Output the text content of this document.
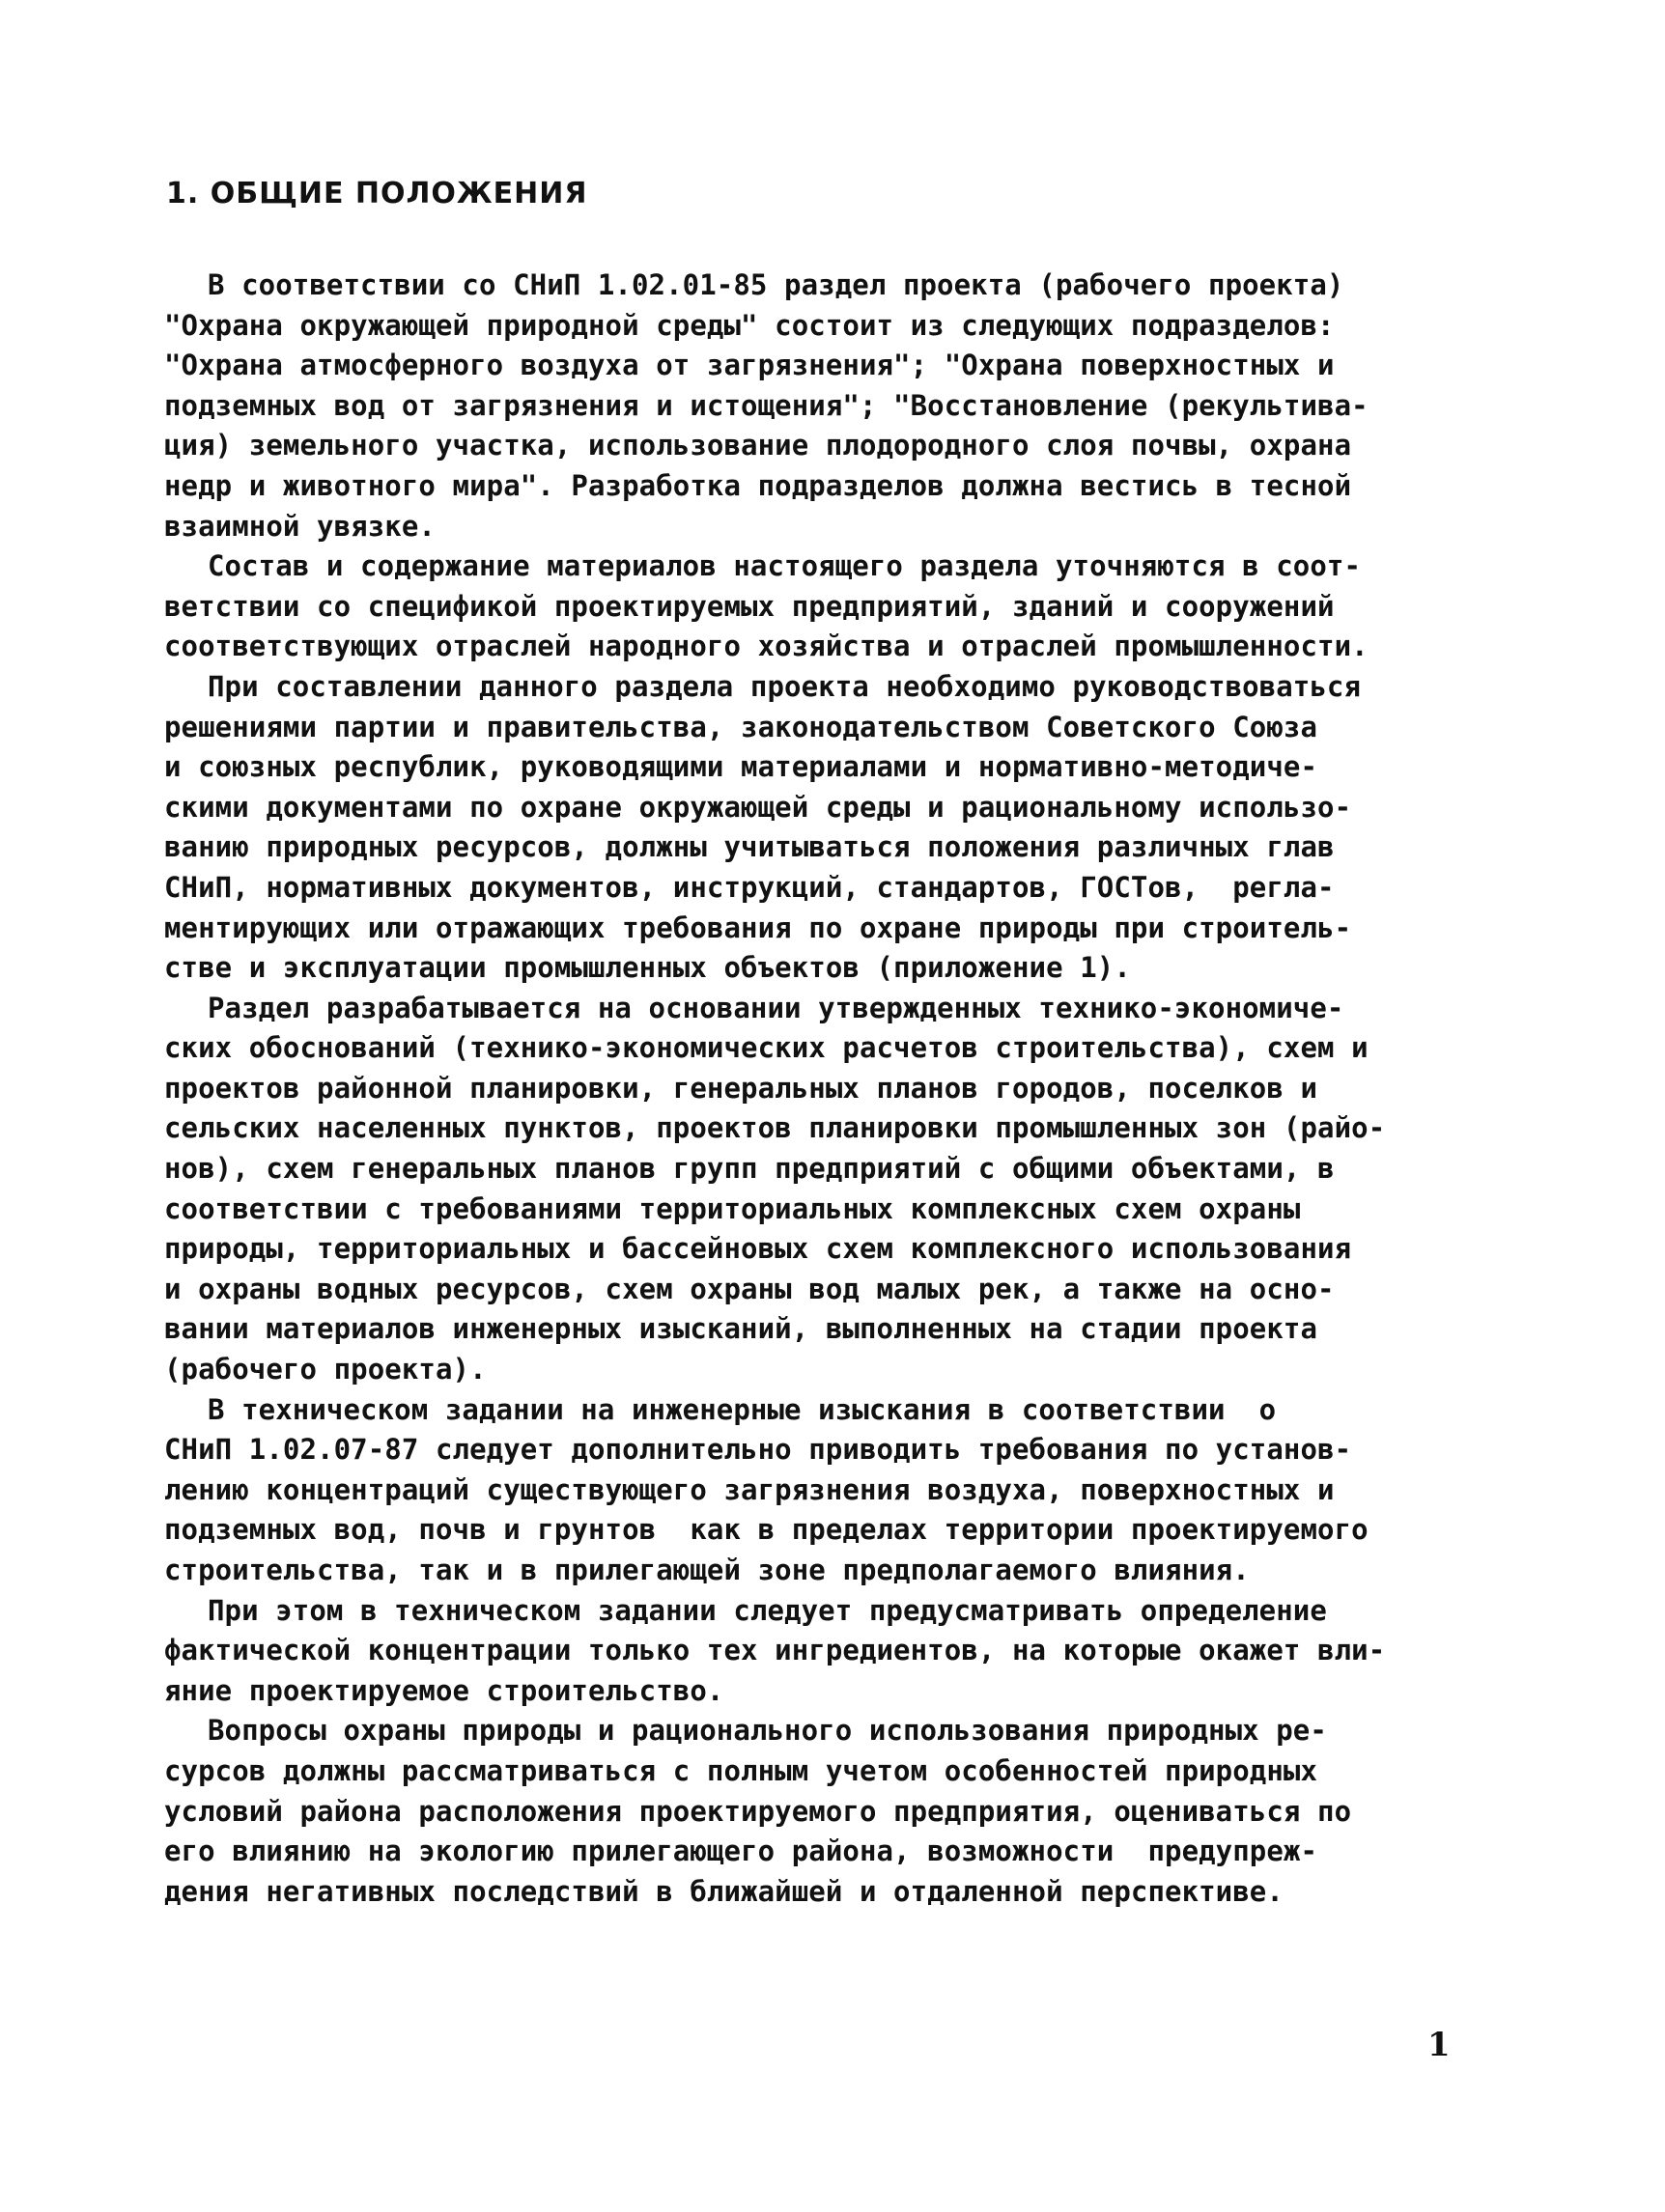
1. ОБЩИЕ ПОЛОЖЕНИЯ
В соответствии со СНиП 1.02.01-85 раздел проекта (рабочего проекта)
"Охрана окружающей природной среды" состоит из следующих подразделов:
"Охрана атмосферного воздуха от загрязнения"; "Охрана поверхностных и
подземных вод от загрязнения и истощения"; "Восстановление (рекультива-
ция) земельного участка, использование плодородного слоя почвы, охрана
недр и животного мира". Разработка подразделов должна вестись в тесной
взаимной увязке.
Состав и содержание материалов настоящего раздела уточняются в соот-
ветствии со спецификой проектируемых предприятий, зданий и сооружений
соответствующих отраслей народного хозяйства и отраслей промышленности.
При составлении данного раздела проекта необходимо руководствоваться
решениями партии и правительства, законодательством Советского Союза
и союзных республик, руководящими материалами и нормативно-методиче-
скими документами по охране окружающей среды и рациональному использо-
ванию природных ресурсов, должны учитываться положения различных глав
СНиП, нормативных документов, инструкций, стандартов, ГОСТов,  регла-
ментирующих или отражающих требования по охране природы при строитель-
стве и эксплуатации промышленных объектов (приложение 1).
Раздел разрабатывается на основании утвержденных технико-экономиче-
ских обоснований (технико-экономических расчетов строительства), схем и
проектов районной планировки, генеральных планов городов, поселков и
сельских населенных пунктов, проектов планировки промышленных зон (райо-
нов), схем генеральных планов групп предприятий с общими объектами, в
соответствии с требованиями территориальных комплексных схем охраны
природы, территориальных и бассейновых схем комплексного использования
и охраны водных ресурсов, схем охраны вод малых рек, а также на осно-
вании материалов инженерных изысканий, выполненных на стадии проекта
(рабочего проекта).
В техническом задании на инженерные изыскания в соответствии  о
СНиП 1.02.07-87 следует дополнительно приводить требования по установ-
лению концентраций существующего загрязнения воздуха, поверхностных и
подземных вод, почв и грунтов  как в пределах территории проектируемого
строительства, так и в прилегающей зоне предполагаемого влияния.
При этом в техническом задании следует предусматривать определение
фактической концентрации только тех ингредиентов, на которые окажет вли-
яние проектируемое строительство.
Вопросы охраны природы и рационального использования природных ре-
сурсов должны рассматриваться с полным учетом особенностей природных
условий района расположения проектируемого предприятия, оцениваться по
его влиянию на экологию прилегающего района, возможности  предупреж-
дения негативных последствий в ближайшей и отдаленной перспективе.
1
